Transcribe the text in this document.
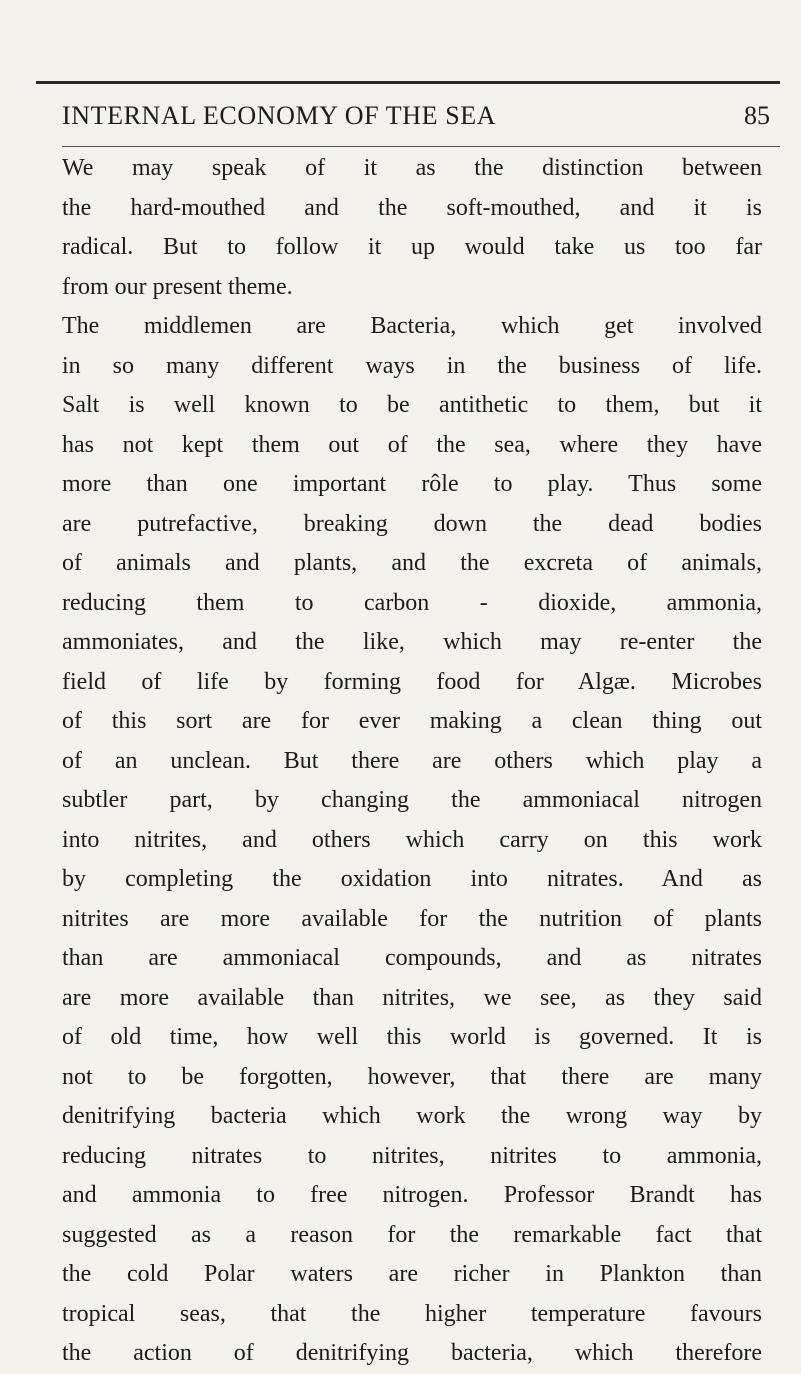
INTERNAL ECONOMY OF THE SEA	85
We may speak of it as the distinction between
the hard-mouthed and the soft-mouthed, and it is
radical. But to follow it up would take us too far
from our present theme.
The middlemen are Bacteria, which get involved
in so many different ways in the business of life.
Salt is well known to be antithetic to them, but it
has not kept them out of the sea, where they have
more than one important rôle to play. Thus some
are putrefactive, breaking down the dead bodies
of animals and plants, and the excreta of animals,
reducing them to carbon - dioxide, ammonia,
ammoniates, and the like, which may re-enter the
field of life by forming food for Algæ. Microbes
of this sort are for ever making a clean thing out
of an unclean. But there are others which play a
subtler part, by changing the ammoniacal nitrogen
into nitrites, and others which carry on this work
by completing the oxidation into nitrates. And as
nitrites are more available for the nutrition of plants
than are ammoniacal compounds, and as nitrates
are more available than nitrites, we see, as they said
of old time, how well this world is governed. It is
not to be forgotten, however, that there are many
denitrifying bacteria which work the wrong way by
reducing nitrates to nitrites, nitrites to ammonia,
and ammonia to free nitrogen. Professor Brandt has
suggested as a reason for the remarkable fact that
the cold Polar waters are richer in Plankton than
tropical seas, that the higher temperature favours
the action of denitrifying bacteria, which therefore
